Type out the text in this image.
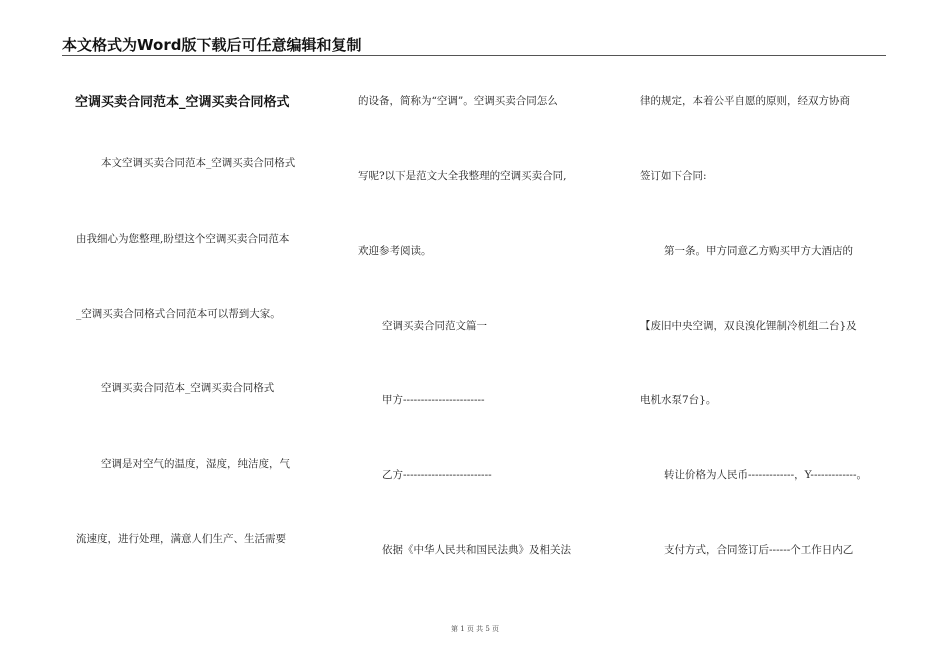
本文格式为Word版下载后可任意编辑和复制
空调买卖合同范本_空调买卖合同格式
本文空调买卖合同范本_空调买卖合同格式
由我细心为您整理,盼望这个空调买卖合同范本
_空调买卖合同格式合同范本可以帮到大家。
空调买卖合同范本_空调买卖合同格式
空调是对空气的温度，湿度，纯洁度，气
流速度，进行处理，满意人们生产、生活需要
的设备，简称为“空调”。空调买卖合同怎么
写呢?以下是范文大全我整理的空调买卖合同,
欢迎参考阅读。
空调买卖合同范文篇一
甲方-----------------------
乙方-------------------------
依据《中华人民共和国民法典》及相关法
律的规定，本着公平自愿的原则，经双方协商
签订如下合同:
第一条。甲方同意乙方购买甲方大酒店的
【废旧中央空调，双良溴化锂制冷机组二台}及
电机水泵7台}。
转让价格为人民币-------------，Y-------------。
支付方式，合同签订后------个工作日内乙
第 1 页 共 5 页
